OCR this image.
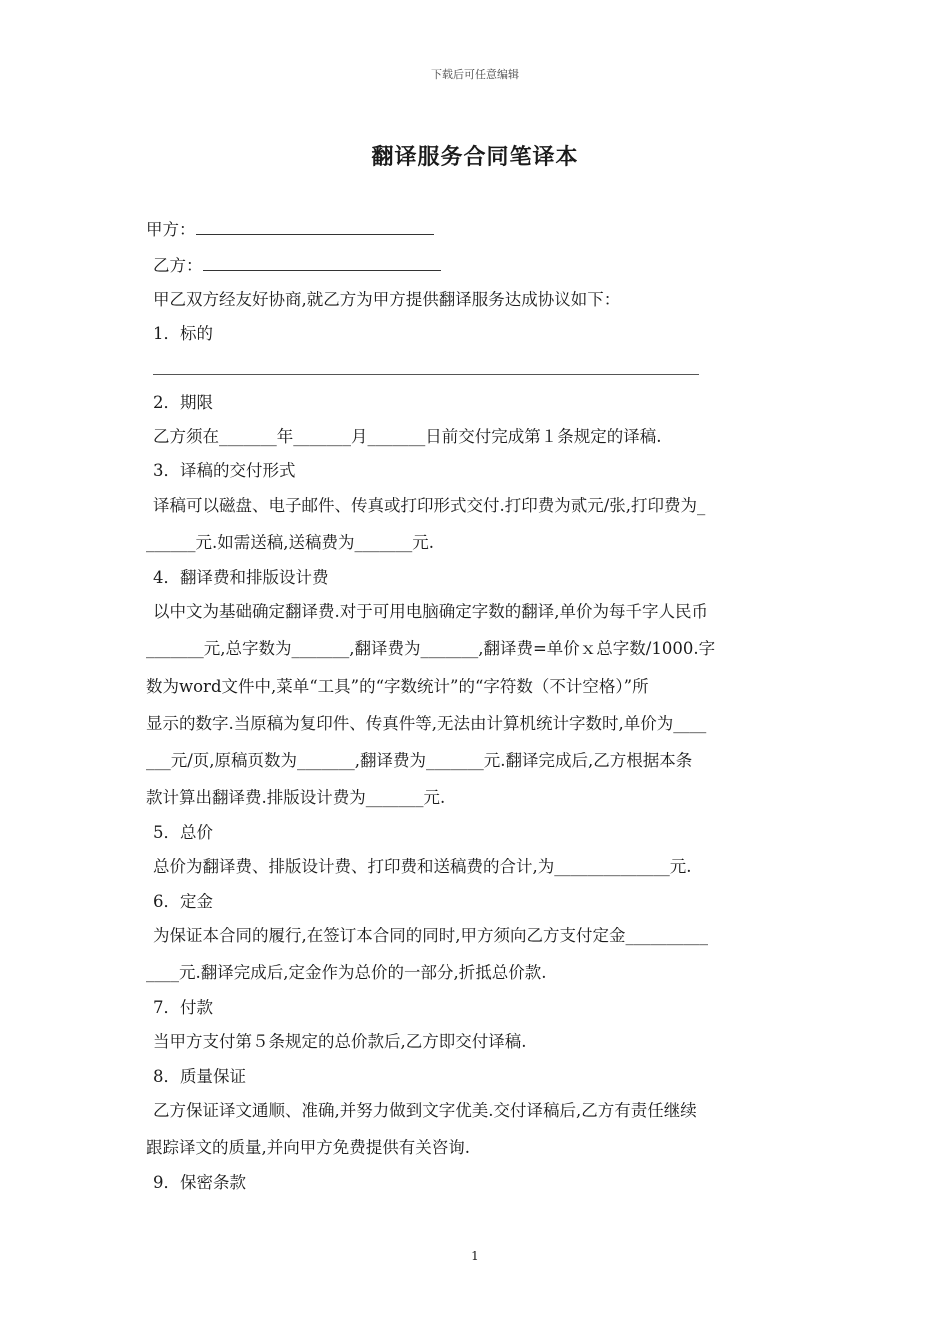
下载后可任意编辑
翻译服务合同笔译本
甲方：
乙方：
甲乙双方经友好协商,就乙方为甲方提供翻译服务达成协议如下：
1．标的
2．期限
乙方须在_______年_______月_______日前交付完成第１条规定的译稿.
3．译稿的交付形式
译稿可以磁盘、电子邮件、传真或打印形式交付.打印费为贰元/张,打印费为_
______元.如需送稿,送稿费为_______元.
4．翻译费和排版设计费
以中文为基础确定翻译费.对于可用电脑确定字数的翻译,单价为每千字人民币
_______元,总字数为_______,翻译费为_______,翻译费=单价ｘ总字数/1000.字
数为word文件中,菜单“工具”的“字数统计”的“字符数（不计空格）”所
显示的数字.当原稿为复印件、传真件等,无法由计算机统计字数时,单价为____
___元/页,原稿页数为_______,翻译费为_______元.翻译完成后,乙方根据本条
款计算出翻译费.排版设计费为_______元.
5．总价
总价为翻译费、排版设计费、打印费和送稿费的合计,为______________元.
6．定金
为保证本合同的履行,在签订本合同的同时,甲方须向乙方支付定金__________
____元.翻译完成后,定金作为总价的一部分,折抵总价款.
7．付款
当甲方支付第５条规定的总价款后,乙方即交付译稿.
8．质量保证
乙方保证译文通顺、准确,并努力做到文字优美.交付译稿后,乙方有责任继续
跟踪译文的质量,并向甲方免费提供有关咨询.
9．保密条款
1
